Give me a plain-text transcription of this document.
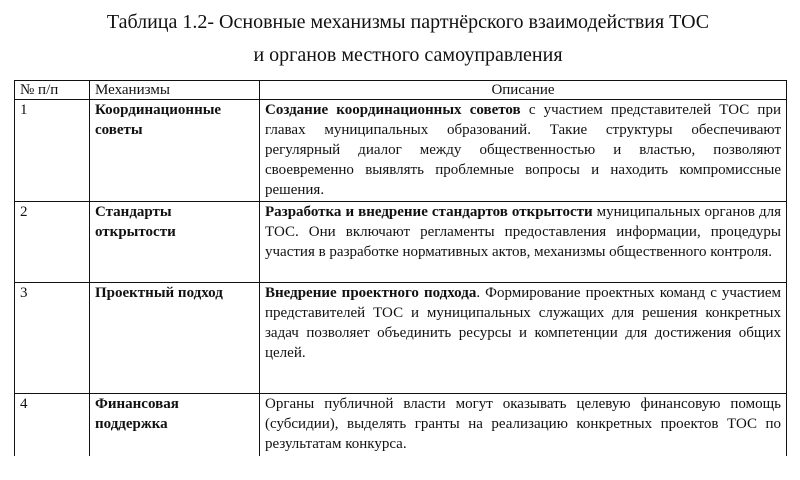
Таблица 1.2- Основные механизмы партнёрского взаимодействия ТОС
и органов местного самоуправления
№ п/п	Механизмы	Описание
1	Координационные советы	Создание координационных советов с участием представителей ТОС при главах муниципальных образований. Такие структуры обеспечивают регулярный диалог между общественностью и властью, позволяют своевременно выявлять проблемные вопросы и находить компромиссные решения.
2	Стандарты открытости	Разработка и внедрение стандартов открытости муниципальных органов для ТОС. Они включают регламенты предоставления информации, процедуры участия в разработке нормативных актов, механизмы общественного контроля.
3	Проектный подход	Внедрение проектного подхода. Формирование проектных команд с участием представителей ТОС и муниципальных служащих для решения конкретных задач позволяет объединить ресурсы и компетенции для достижения общих целей.
4	Финансовая поддержка	Органы публичной власти могут оказывать целевую финансовую помощь (субсидии), выделять гранты на реализацию конкретных проектов ТОС по результатам конкурса.
